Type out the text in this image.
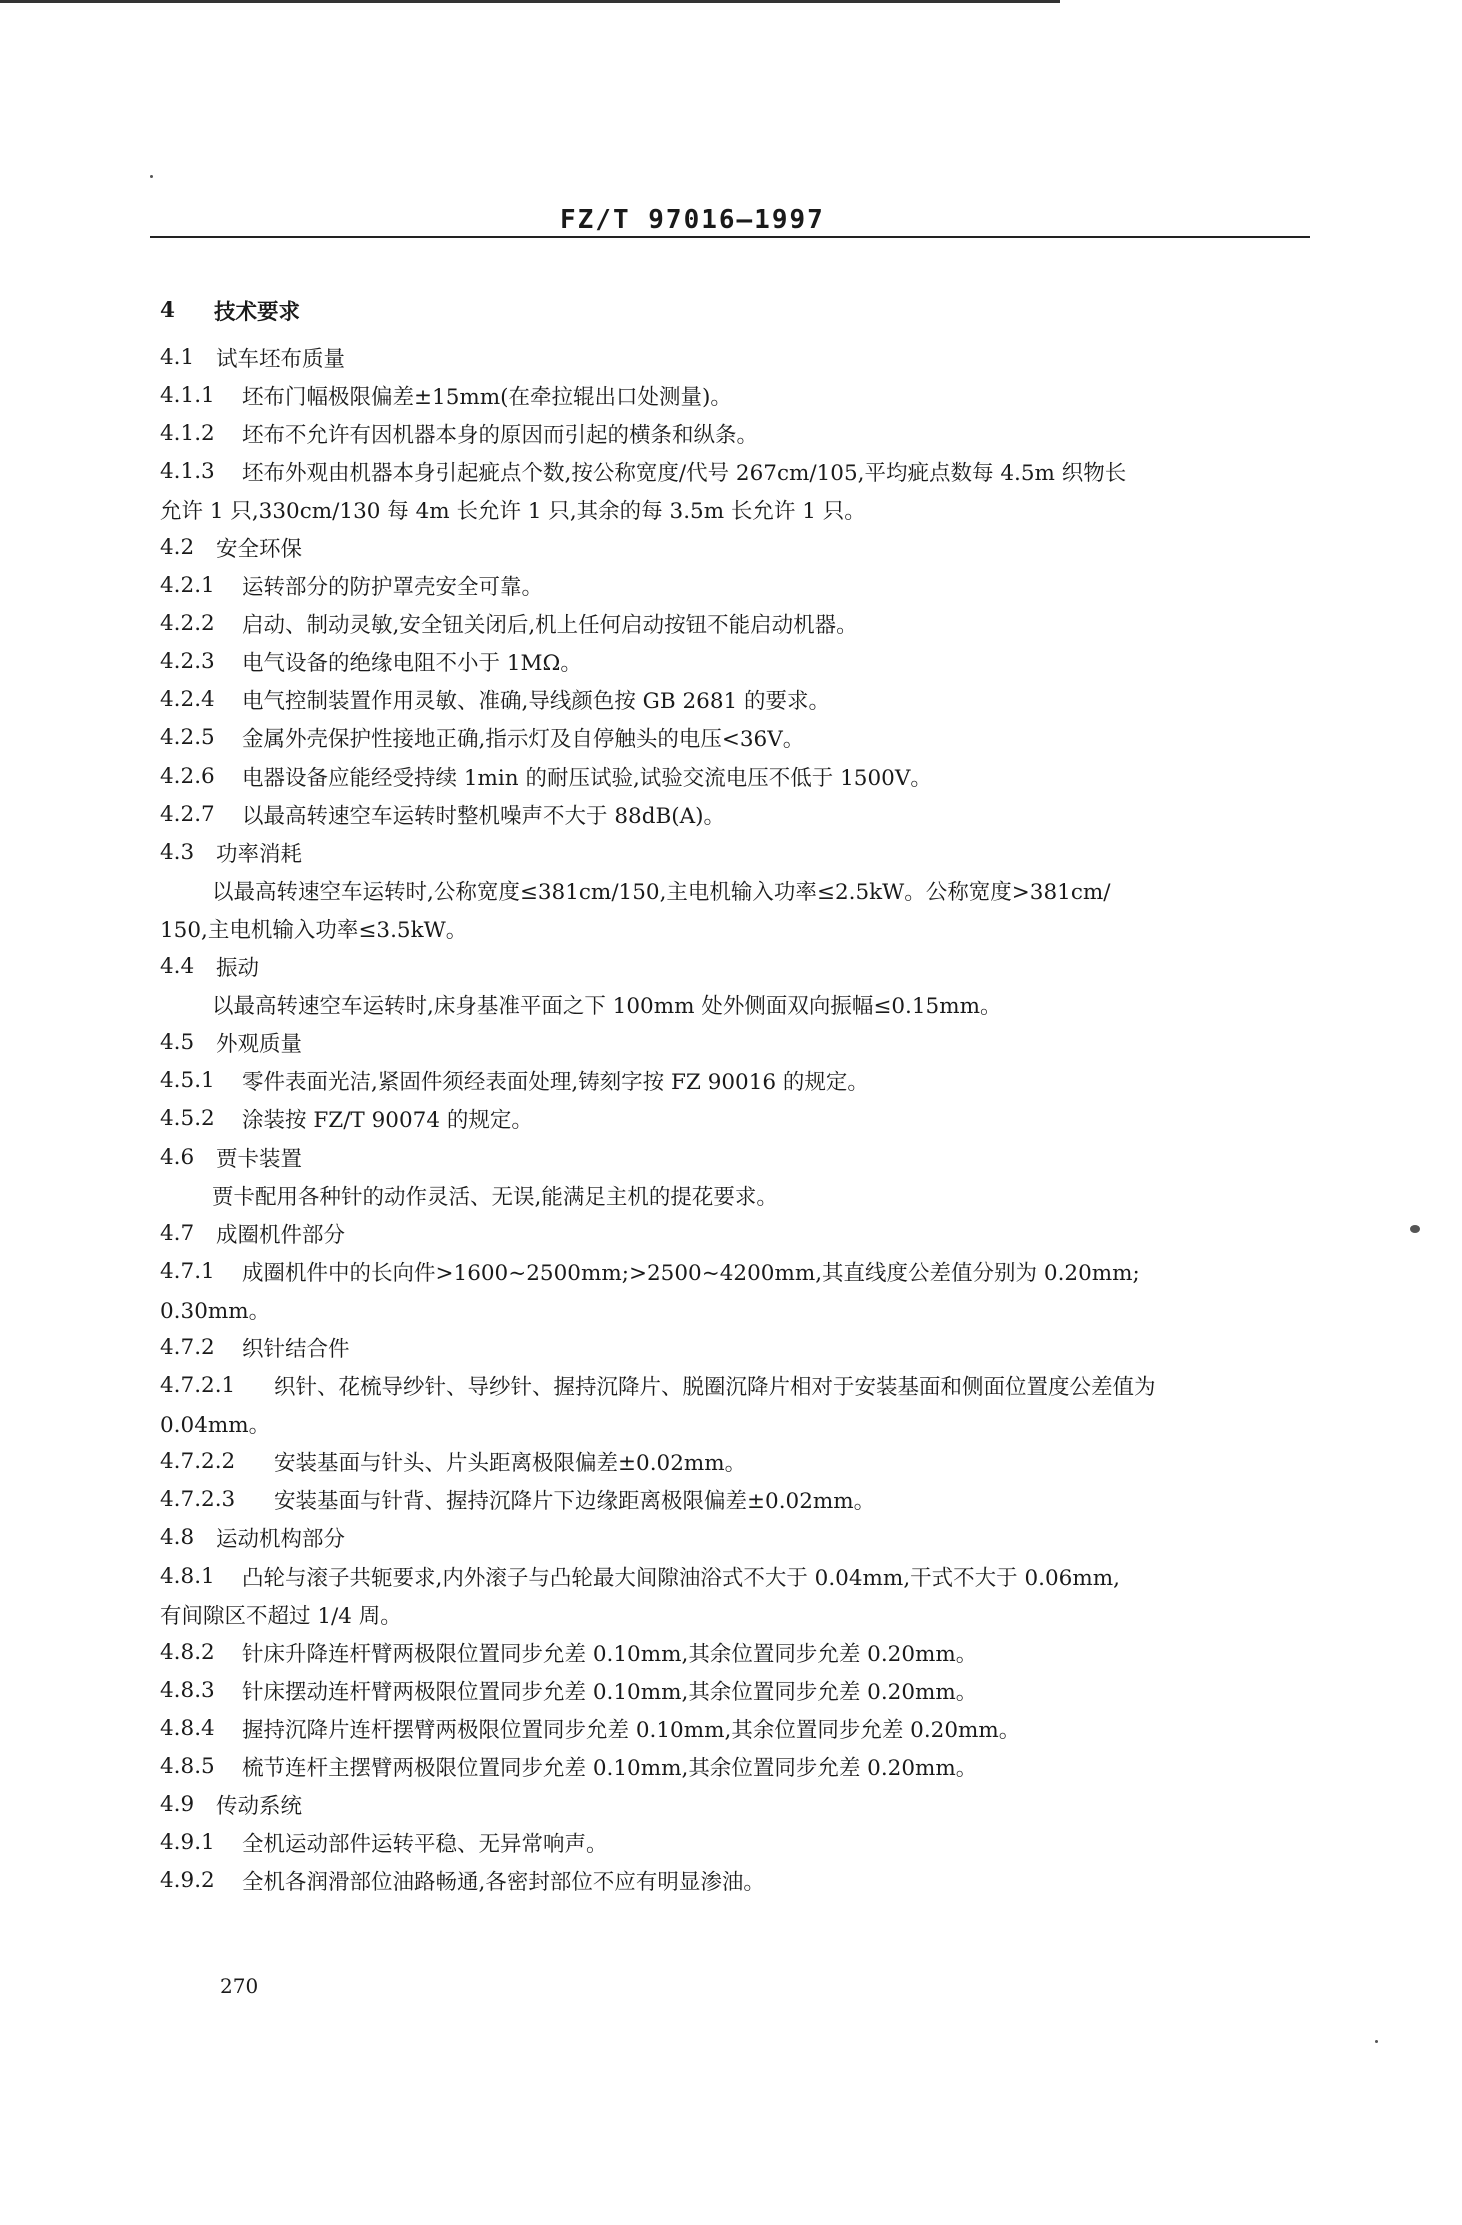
FZ/T 97016—1997
4	技术要求
4.1 试车坯布质量
4.1.1	坯布门幅极限偏差±15mm(在牵拉辊出口处测量)。
4.1.2	坯布不允许有因机器本身的原因而引起的横条和纵条。
4.1.3	坯布外观由机器本身引起疵点个数,按公称宽度/代号 267cm/105,平均疵点数每 4.5m 织物长
允许 1 只,330cm/130 每 4m 长允许 1 只,其余的每 3.5m 长允许 1 只。
4.2 安全环保
4.2.1	运转部分的防护罩壳安全可靠。
4.2.2	启动、制动灵敏,安全钮关闭后,机上任何启动按钮不能启动机器。
4.2.3	电气设备的绝缘电阻不小于 1MΩ。
4.2.4	电气控制装置作用灵敏、准确,导线颜色按 GB 2681 的要求。
4.2.5	金属外壳保护性接地正确,指示灯及自停触头的电压<36V。
4.2.6	电器设备应能经受持续 1min 的耐压试验,试验交流电压不低于 1500V。
4.2.7	以最高转速空车运转时整机噪声不大于 88dB(A)。
4.3 功率消耗
以最高转速空车运转时,公称宽度≤381cm/150,主电机输入功率≤2.5kW。公称宽度>381cm/
150,主电机输入功率≤3.5kW。
4.4 振动
以最高转速空车运转时,床身基准平面之下 100mm 处外侧面双向振幅≤0.15mm。
4.5 外观质量
4.5.1	零件表面光洁,紧固件须经表面处理,铸刻字按 FZ 90016 的规定。
4.5.2	涂装按 FZ/T 90074 的规定。
4.6 贾卡装置
贾卡配用各种针的动作灵活、无误,能满足主机的提花要求。
4.7 成圈机件部分
4.7.1	成圈机件中的长向件>1600~2500mm;>2500~4200mm,其直线度公差值分别为 0.20mm;
0.30mm。
4.7.2	织针结合件
4.7.2.1	织针、花梳导纱针、导纱针、握持沉降片、脱圈沉降片相对于安装基面和侧面位置度公差值为
0.04mm。
4.7.2.2	安装基面与针头、片头距离极限偏差±0.02mm。
4.7.2.3	安装基面与针背、握持沉降片下边缘距离极限偏差±0.02mm。
4.8 运动机构部分
4.8.1	凸轮与滚子共轭要求,内外滚子与凸轮最大间隙油浴式不大于 0.04mm,干式不大于 0.06mm,
有间隙区不超过 1/4 周。
4.8.2	针床升降连杆臂两极限位置同步允差 0.10mm,其余位置同步允差 0.20mm。
4.8.3	针床摆动连杆臂两极限位置同步允差 0.10mm,其余位置同步允差 0.20mm。
4.8.4	握持沉降片连杆摆臂两极限位置同步允差 0.10mm,其余位置同步允差 0.20mm。
4.8.5	梳节连杆主摆臂两极限位置同步允差 0.10mm,其余位置同步允差 0.20mm。
4.9 传动系统
4.9.1	全机运动部件运转平稳、无异常响声。
4.9.2	全机各润滑部位油路畅通,各密封部位不应有明显渗油。
270
